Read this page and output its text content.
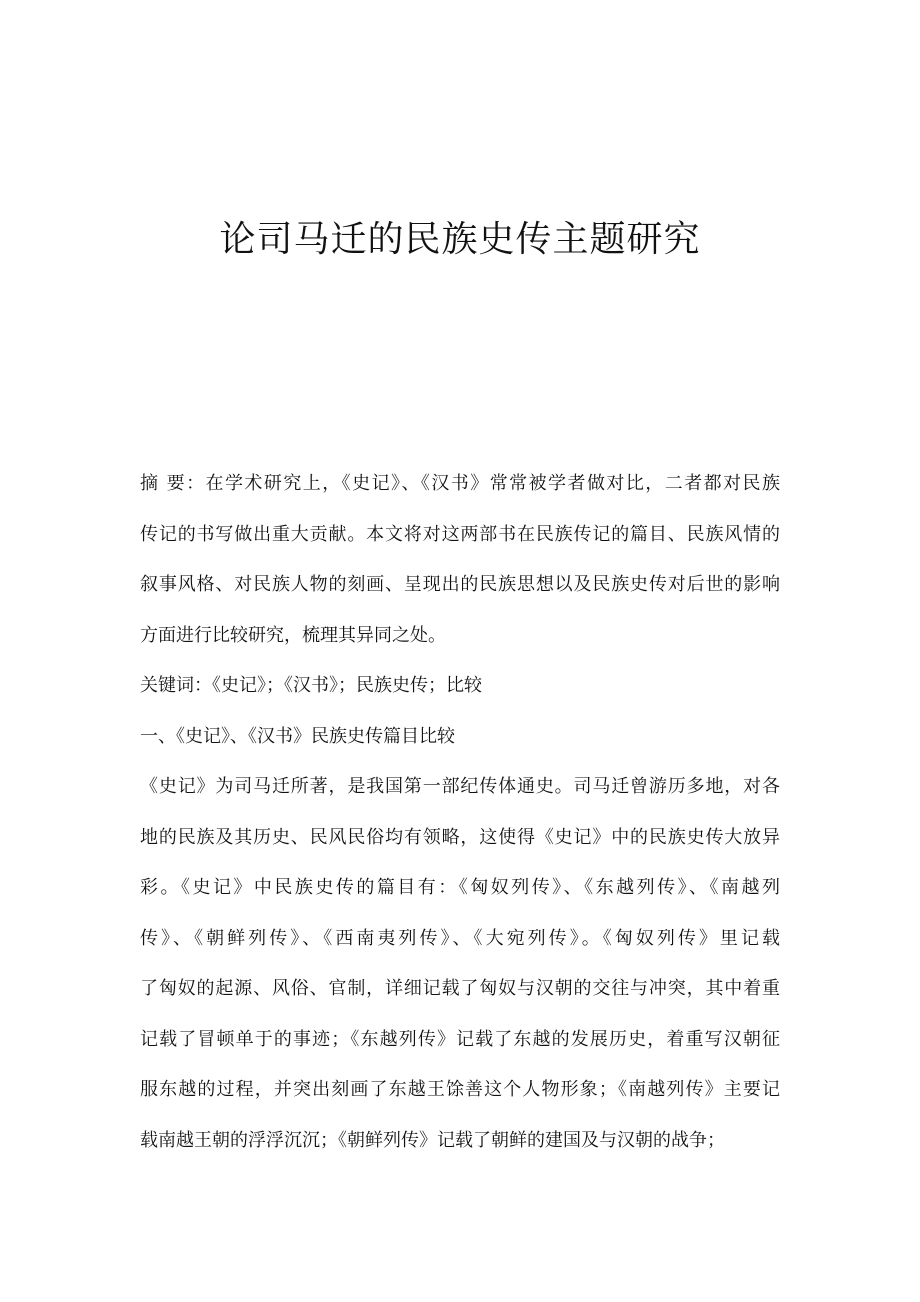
论司马迁的民族史传主题研究
摘 要：在学术研究上，《史记》、《汉书》常常被学者做对比，二者都对民族
传记的书写做出重大贡献。本文将对这两部书在民族传记的篇目、民族风情的
叙事风格、对民族人物的刻画、呈现出的民族思想以及民族史传对后世的影响
方面进行比较研究，梳理其异同之处。
关键词：《史记》；《汉书》；民族史传；比较
一、《史记》、《汉书》民族史传篇目比较
《史记》为司马迁所著，是我国第一部纪传体通史。司马迁曾游历多地，对各
地的民族及其历史、民风民俗均有领略，这使得《史记》中的民族史传大放异
彩。《史记》中民族史传的篇目有：《匈奴列传》、《东越列传》、《南越列
传》、《朝鲜列传》、《西南夷列传》、《大宛列传》。《匈奴列传》里记载
了匈奴的起源、风俗、官制，详细记载了匈奴与汉朝的交往与冲突，其中着重
记载了冒顿单于的事迹；《东越列传》记载了东越的发展历史，着重写汉朝征
服东越的过程，并突出刻画了东越王馀善这个人物形象；《南越列传》主要记
载南越王朝的浮浮沉沉；《朝鲜列传》记载了朝鲜的建国及与汉朝的战争；
